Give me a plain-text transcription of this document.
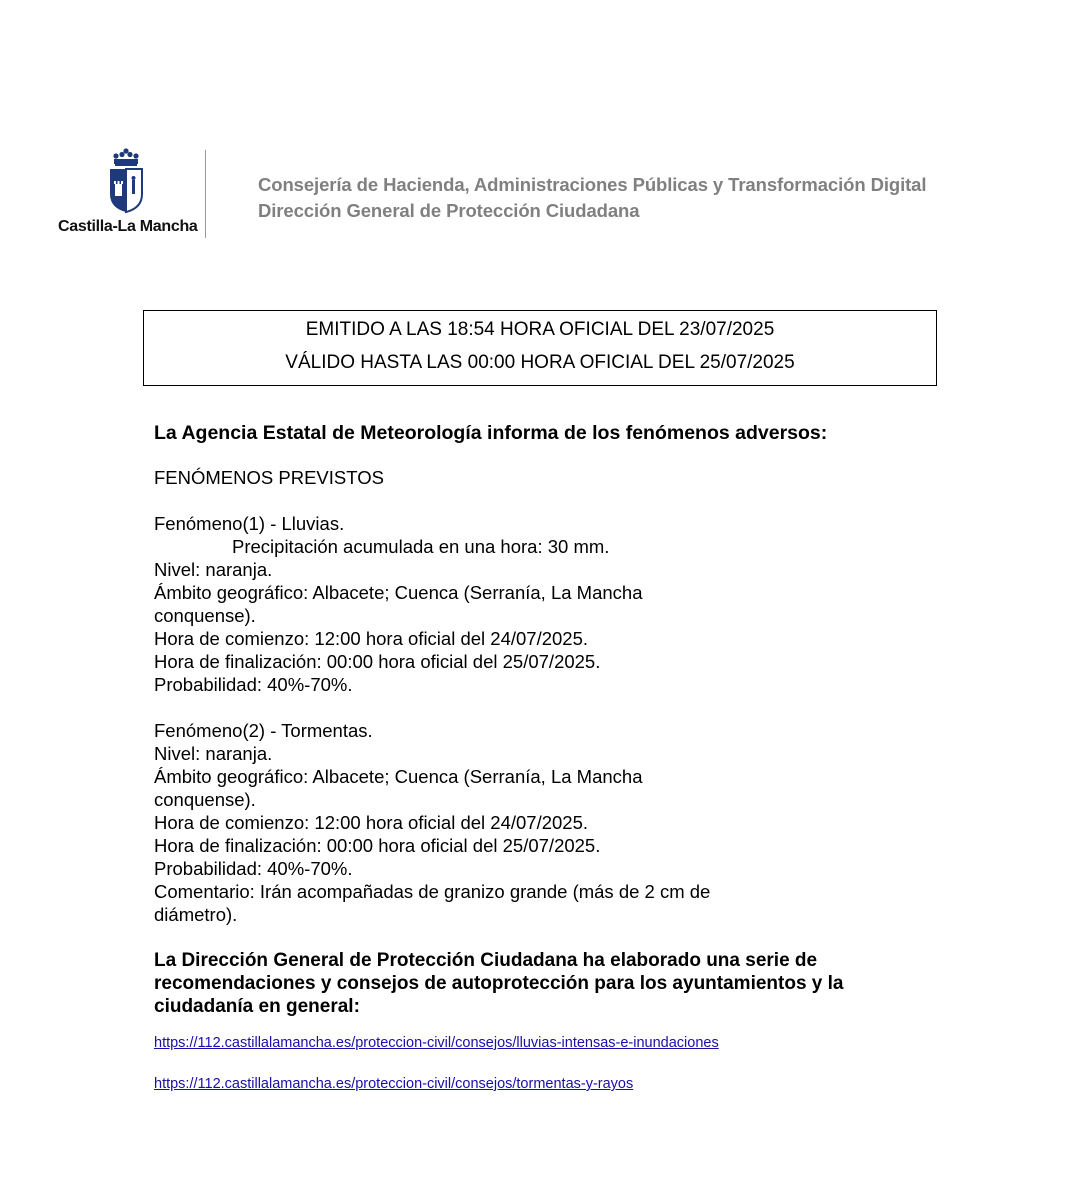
Castilla-La Mancha
Consejería de Hacienda, Administraciones Públicas y Transformación Digital
Dirección General de Protección Ciudadana
EMITIDO A LAS 18:54 HORA OFICIAL DEL 23/07/2025
VÁLIDO HASTA LAS 00:00 HORA OFICIAL DEL 25/07/2025
La Agencia Estatal de Meteorología informa de los fenómenos adversos:
FENÓMENOS PREVISTOS
Fenómeno(1) - Lluvias.
Precipitación acumulada en una hora: 30 mm.
Nivel: naranja.
Ámbito geográfico: Albacete; Cuenca (Serranía, La Mancha conquense).
Hora de comienzo: 12:00 hora oficial del 24/07/2025.
Hora de finalización: 00:00 hora oficial del 25/07/2025.
Probabilidad: 40%-70%.
Fenómeno(2) - Tormentas.
Nivel: naranja.
Ámbito geográfico: Albacete; Cuenca (Serranía, La Mancha conquense).
Hora de comienzo: 12:00 hora oficial del 24/07/2025.
Hora de finalización: 00:00 hora oficial del 25/07/2025.
Probabilidad: 40%-70%.
Comentario: Irán acompañadas de granizo grande (más de 2 cm de diámetro).
La Dirección General de Protección Ciudadana ha elaborado una serie de recomendaciones y consejos de autoprotección para los ayuntamientos y la ciudadanía en general:
https://112.castillalamancha.es/proteccion-civil/consejos/lluvias-intensas-e-inundaciones
https://112.castillalamancha.es/proteccion-civil/consejos/tormentas-y-rayos
